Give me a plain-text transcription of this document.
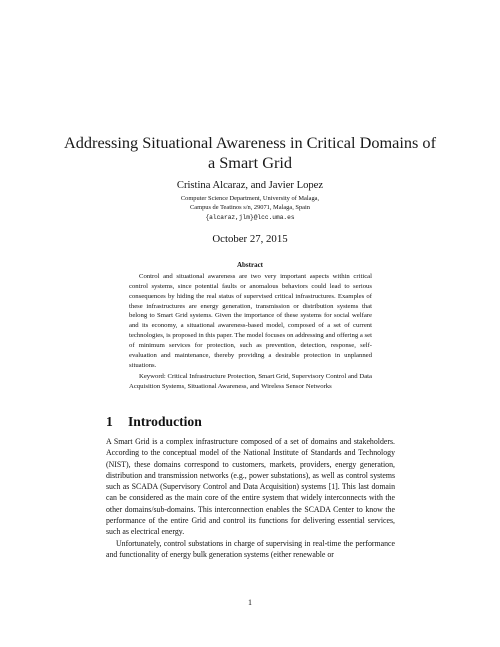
Addressing Situational Awareness in Critical Domains of a Smart Grid
Cristina Alcaraz, and Javier Lopez
Computer Science Department, University of Malaga,
Campus de Teatinos s/n, 29071, Malaga, Spain
{alcaraz,jlm}@lcc.uma.es
October 27, 2015
Abstract
Control and situational awareness are two very important aspects within critical control systems, since potential faults or anomalous behaviors could lead to serious consequences by hiding the real status of supervised critical infrastructures. Examples of these infrastructures are energy generation, transmission or distribution systems that belong to Smart Grid systems. Given the importance of these systems for social welfare and its economy, a situational awareness-based model, composed of a set of current technologies, is proposed in this paper. The model focuses on addressing and offering a set of minimum services for protection, such as prevention, detection, response, self-evaluation and maintenance, thereby providing a desirable protection in unplanned situations.
Keyword: Critical Infrastructure Protection, Smart Grid, Supervisory Control and Data Acquisition Systems, Situational Awareness, and Wireless Sensor Networks
1 Introduction

A Smart Grid is a complex infrastructure composed of a set of domains and stakeholders. According to the conceptual model of the National Institute of Standards and Technology (NIST), these domains correspond to customers, markets, providers, energy generation, distribution and transmission networks (e.g., power substations), as well as control systems such as SCADA (Supervisory Control and Data Acquisition) systems [1]. This last domain can be considered as the main core of the entire system that widely interconnects with the other domains/sub-domains. This interconnection enables the SCADA Center to know the performance of the entire Grid and control its functions for delivering essential services, such as electrical energy.

Unfortunately, control substations in charge of supervising in real-time the performance and functionality of energy bulk generation systems (either renewable or

1
